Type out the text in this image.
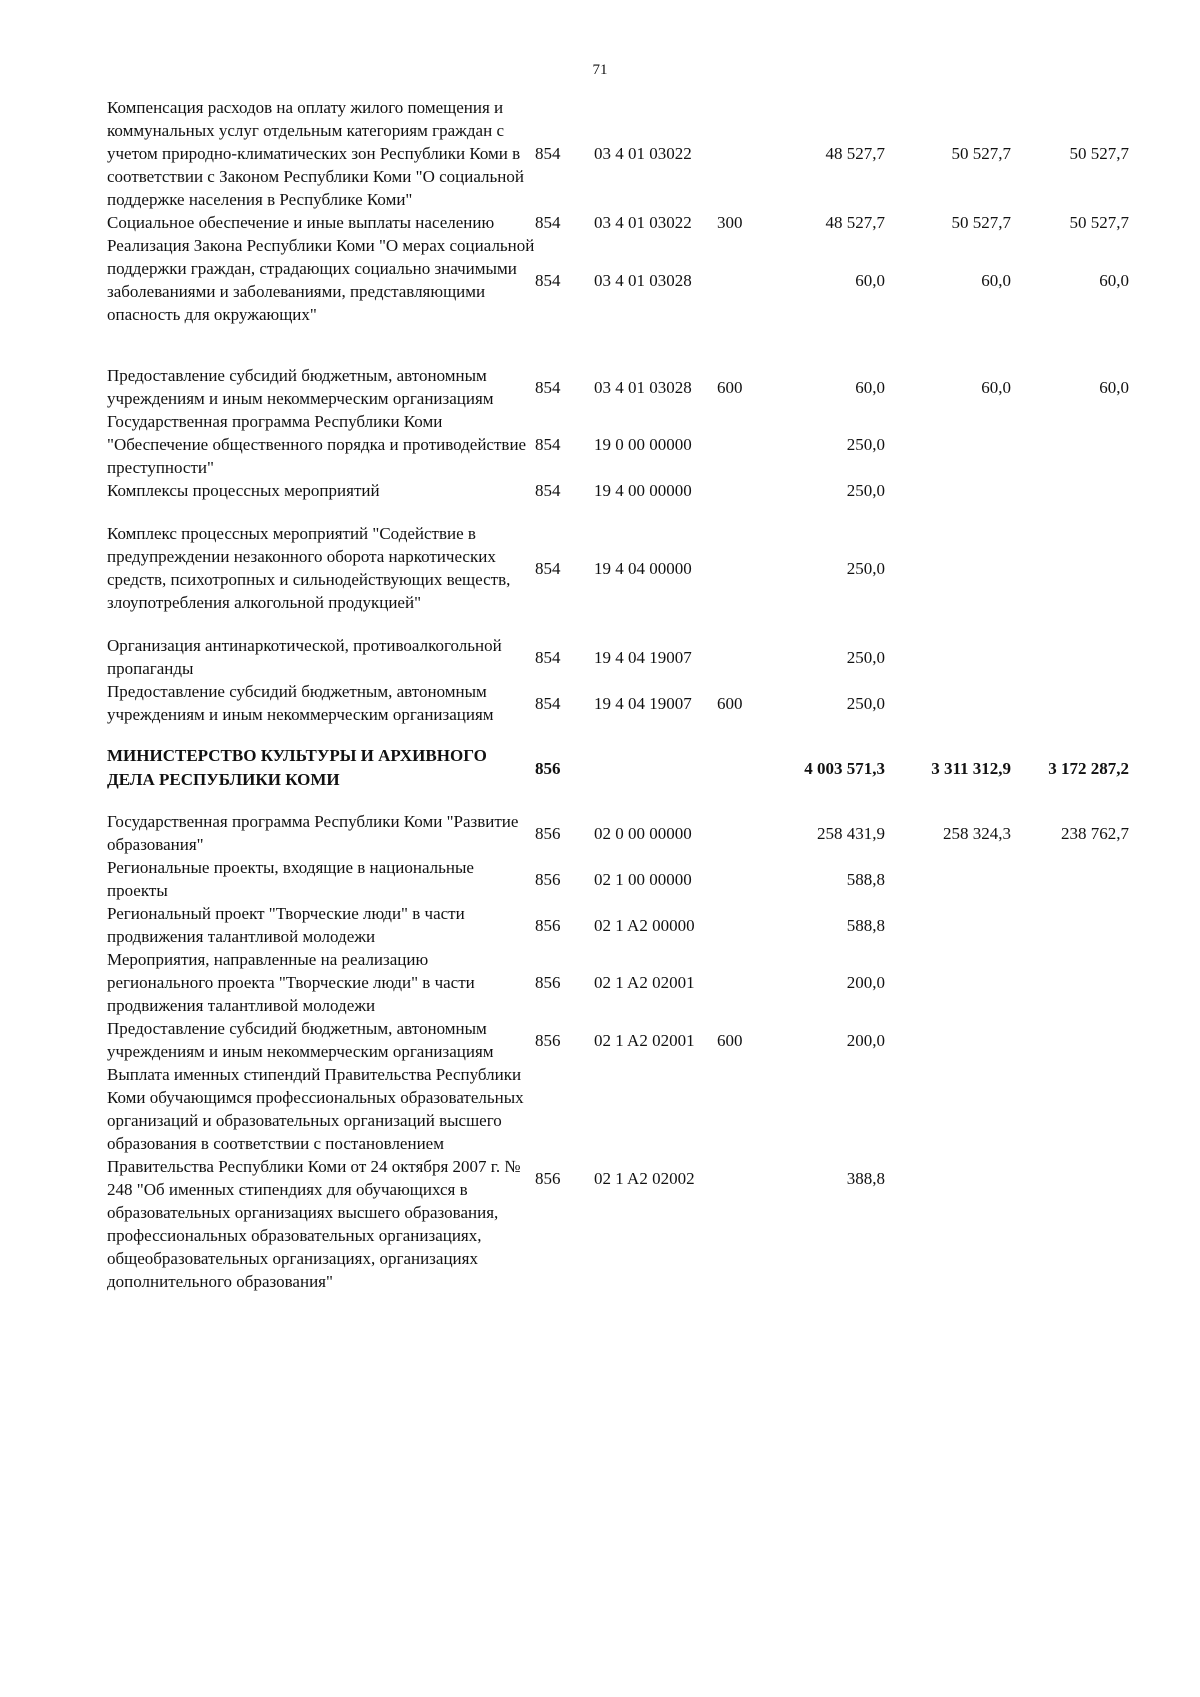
71
Компенсация расходов на оплату жилого помещения и коммунальных услуг отдельным категориям граждан с учетом природно-климатических зон Республики Коми в соответствии с Законом Республики Коми "О социальной поддержке населения в Республике Коми"	854	03 4 01 03022		48 527,7	50 527,7	50 527,7
Социальное обеспечение и иные выплаты населению	854	03 4 01 03022	300	48 527,7	50 527,7	50 527,7
Реализация Закона Республики Коми "О мерах социальной поддержки граждан, страдающих социально значимыми заболеваниями и заболеваниями, представляющими опасность для окружающих"	854	03 4 01 03028		60,0	60,0	60,0
Предоставление субсидий бюджетным, автономным учреждениям и иным некоммерческим организациям	854	03 4 01 03028	600	60,0	60,0	60,0
Государственная программа Республики Коми "Обеспечение общественного порядка и противодействие преступности"	854	19 0 00 00000		250,0		
Комплексы процессных мероприятий	854	19 4 00 00000		250,0		
Комплекс процессных мероприятий "Содействие в предупреждении незаконного оборота наркотических средств, психотропных и сильнодействующих веществ, злоупотребления алкогольной продукцией"	854	19 4 04 00000		250,0		
Организация антинаркотической, противоалкогольной пропаганды	854	19 4 04 19007		250,0		
Предоставление субсидий бюджетным, автономным учреждениям и иным некоммерческим организациям	854	19 4 04 19007	600	250,0		
МИНИСТЕРСТВО КУЛЬТУРЫ И АРХИВНОГО ДЕЛА РЕСПУБЛИКИ КОМИ	856			4 003 571,3	3 311 312,9	3 172 287,2
Государственная программа Республики Коми "Развитие образования"	856	02 0 00 00000		258 431,9	258 324,3	238 762,7
Региональные проекты, входящие в национальные проекты	856	02 1 00 00000		588,8		
Региональный проект "Творческие люди" в части продвижения талантливой молодежи	856	02 1 A2 00000		588,8		
Мероприятия, направленные на реализацию регионального проекта "Творческие люди" в части продвижения талантливой молодежи	856	02 1 A2 02001		200,0		
Предоставление субсидий бюджетным, автономным учреждениям и иным некоммерческим организациям	856	02 1 A2 02001	600	200,0		
Выплата именных стипендий Правительства Республики Коми обучающимся профессиональных образовательных организаций и образовательных организаций высшего образования в соответствии с постановлением Правительства Республики Коми от 24 октября 2007 г. № 248 "Об именных стипендиях для обучающихся в образовательных организациях высшего образования, профессиональных образовательных организациях, общеобразовательных организациях, организациях дополнительного образования"	856	02 1 A2 02002		388,8		
